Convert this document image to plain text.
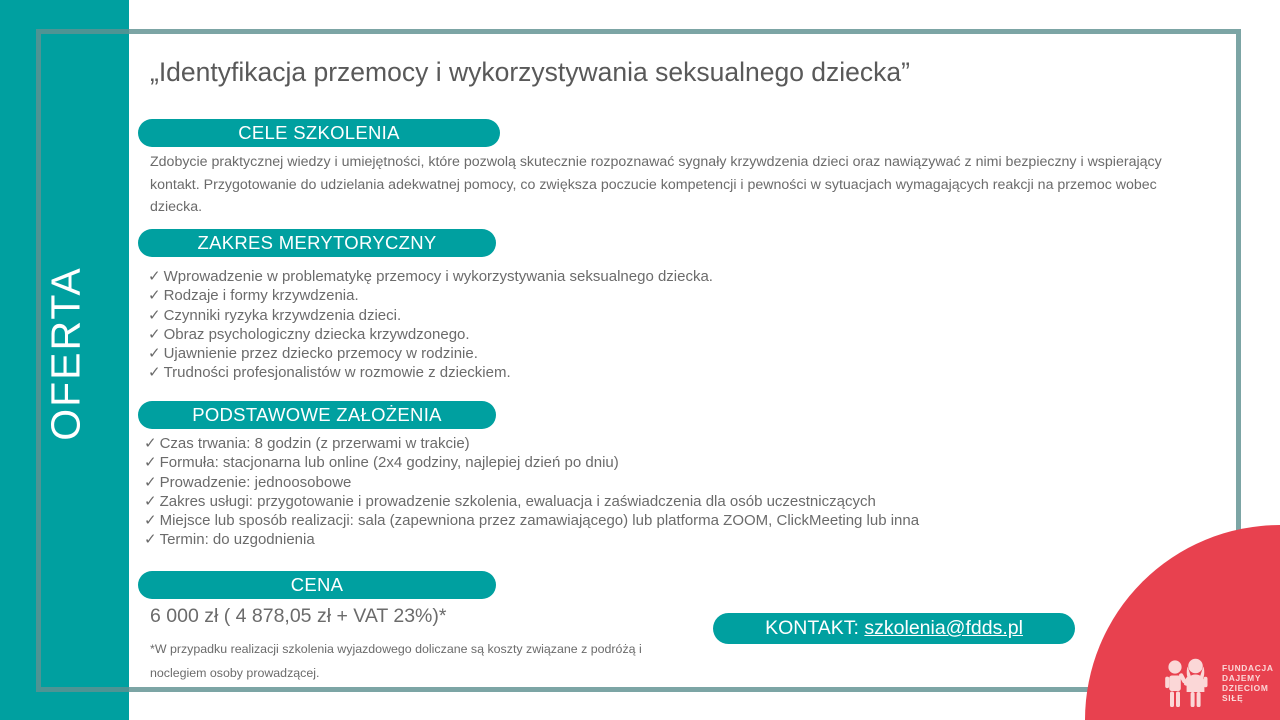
OFERTA
„Identyfikacja przemocy i wykorzystywania seksualnego dziecka”
CELE SZKOLENIA
Zdobycie praktycznej wiedzy i umiejętności, które pozwolą skutecznie rozpoznawać sygnały krzywdzenia dzieci oraz nawiązywać z nimi bezpieczny i wspierający kontakt. Przygotowanie do udzielania adekwatnej pomocy, co zwiększa poczucie kompetencji i pewności w sytuacjach wymagających reakcji na przemoc wobec dziecka.
ZAKRES MERYTORYCZNY
✓ Wprowadzenie w problematykę przemocy i wykorzystywania seksualnego dziecka.
✓ Rodzaje i formy krzywdzenia.
✓ Czynniki ryzyka krzywdzenia dzieci.
✓ Obraz psychologiczny dziecka krzywdzonego.
✓ Ujawnienie przez dziecko przemocy w rodzinie.
✓ Trudności profesjonalistów w rozmowie z dzieckiem.
PODSTAWOWE ZAŁOŻENIA
✓ Czas trwania: 8 godzin (z przerwami w trakcie)
✓ Formuła: stacjonarna lub online (2x4 godziny, najlepiej dzień po dniu)
✓ Prowadzenie: jednoosobowe
✓ Zakres usługi: przygotowanie i prowadzenie szkolenia, ewaluacja i zaświadczenia dla osób uczestniczących
✓ Miejsce lub sposób realizacji: sala (zapewniona przez zamawiającego) lub platforma ZOOM, ClickMeeting lub inna
✓ Termin: do uzgodnienia
CENA
6 000 zł ( 4 878,05 zł + VAT 23%)*
*W przypadku realizacji szkolenia wyjazdowego doliczane są koszty związane z podróżą i noclegiem osoby prowadzącej.
KONTAKT: szkolenia@fdds.pl
FUNDACJA
DAJEMY
DZIECIOM
SIŁĘ
